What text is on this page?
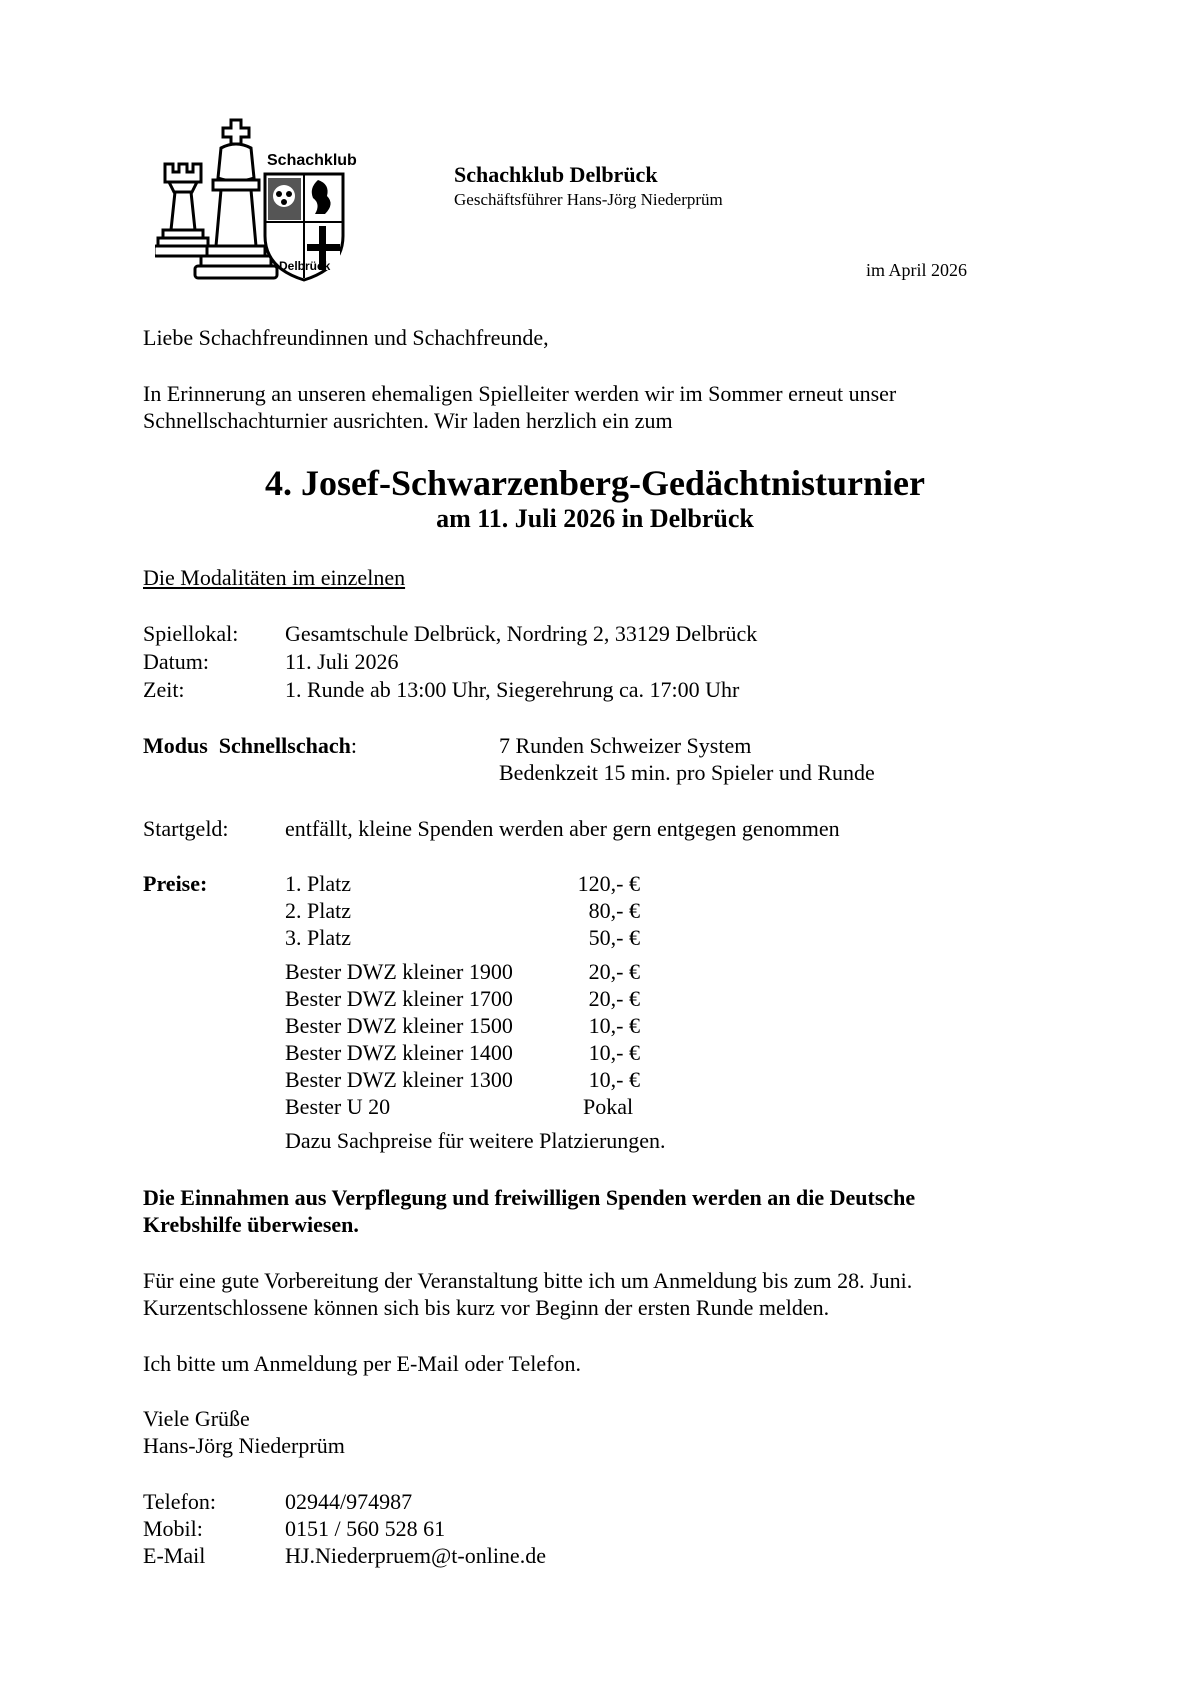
Schachklub
Delbrück
Schachklub Delbrück
Geschäftsführer Hans-Jörg Niederprüm
im April 2026
Liebe Schachfreundinnen und Schachfreunde,
In Erinnerung an unseren ehemaligen Spielleiter werden wir im Sommer erneut unser
Schnellschachturnier ausrichten. Wir laden herzlich ein zum
4. Josef-Schwarzenberg-Gedächtnisturnier
am 11. Juli 2026 in Delbrück
Die Modalitäten im einzelnen
Spiellokal: Gesamtschule Delbrück, Nordring 2, 33129 Delbrück
Datum:	11. Juli 2026
Zeit:	1. Runde ab 13:00 Uhr, Siegerehrung ca. 17:00 Uhr
Modus  Schnellschach:	7 Runden Schweizer System
Bedenkzeit 15 min. pro Spieler und Runde
Startgeld:	entfällt, kleine Spenden werden aber gern entgegen genommen
Preise:	1. Platz	120,- €
2. Platz	80,- €
3. Platz	50,- €
Bester DWZ kleiner 1900	20,- €
Bester DWZ kleiner 1700	20,- €
Bester DWZ kleiner 1500	10,- €
Bester DWZ kleiner 1400	10,- €
Bester DWZ kleiner 1300	10,- €
Bester U 20	Pokal
Dazu Sachpreise für weitere Platzierungen.
Die Einnahmen aus Verpflegung und freiwilligen Spenden werden an die Deutsche
Krebshilfe überwiesen.
Für eine gute Vorbereitung der Veranstaltung bitte ich um Anmeldung bis zum 28. Juni.
Kurzentschlossene können sich bis kurz vor Beginn der ersten Runde melden.
Ich bitte um Anmeldung per E-Mail oder Telefon.
Viele Grüße
Hans-Jörg Niederprüm
Telefon:	02944/974987
Mobil:	0151 / 560 528 61
E-Mail	HJ.Niederpruem@t-online.de
